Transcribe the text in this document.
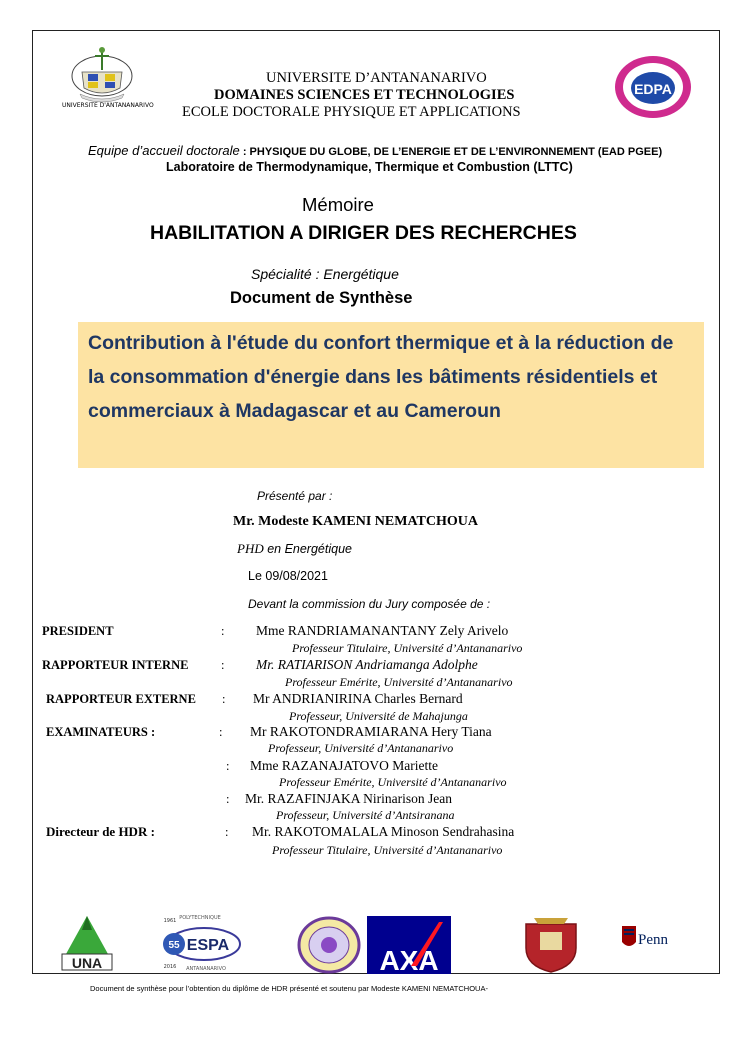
UNIVERSITE D'ANTANANARIVO
UNIVERSITE D’ANTANANARIVO
DOMAINES SCIENCES ET TECHNOLOGIES
ECOLE DOCTORALE PHYSIQUE ET APPLICATIONS
EDPA
Equipe d’accueil doctorale : PHYSIQUE DU GLOBE, DE L’ENERGIE ET DE L’ENVIRONNEMENT (EAD PGEE)
Laboratoire de Thermodynamique, Thermique et Combustion (LTTC)
Mémoire
HABILITATION A DIRIGER DES RECHERCHES
Spécialité : Energétique
Document de Synthèse
Contribution à l'étude du confort thermique et à la réduction de la consommation d'énergie dans les bâtiments résidentiels et commerciaux à Madagascar et au Cameroun
Présenté par :
Mr. Modeste KAMENI NEMATCHOUA
PHD en Energétique
Le 09/08/2021
Devant la commission du Jury composée de :
PRESIDENT	: Mme RANDRIAMANANTANY Zely Arivelo
Professeur Titulaire, Université d’Antananarivo
RAPPORTEUR INTERNE	: Mr. RATIARISON Andriamanga Adolphe
Professeur Emérite, Université d’Antananarivo
RAPPORTEUR EXTERNE : Mr ANDRIANIRINA Charles Bernard
Professeur, Université de Mahajunga
EXAMINATEURS :	: Mr RAKOTONDRAMIARANA Hery Tiana
Professeur, Université d’Antananarivo
: Mme RAZANAJATOVO Mariette
Professeur Emérite, Université d’Antananarivo
: Mr. RAZAFINJAKA Nirinarison Jean
Professeur, Université d’Antsiranana
Directeur de HDR :	: Mr. RAKOTOMALALA Minoson Sendrahasina
Professeur Titulaire, Université d’Antananarivo
UNA
POLYTECHNIQUE
1961
2016
55 ESPA
ANTANANARIVO	AXA
Penn
Document de synthèse pour l’obtention du diplôme de HDR présenté et soutenu par Modeste KAMENI NEMATCHOUA-
